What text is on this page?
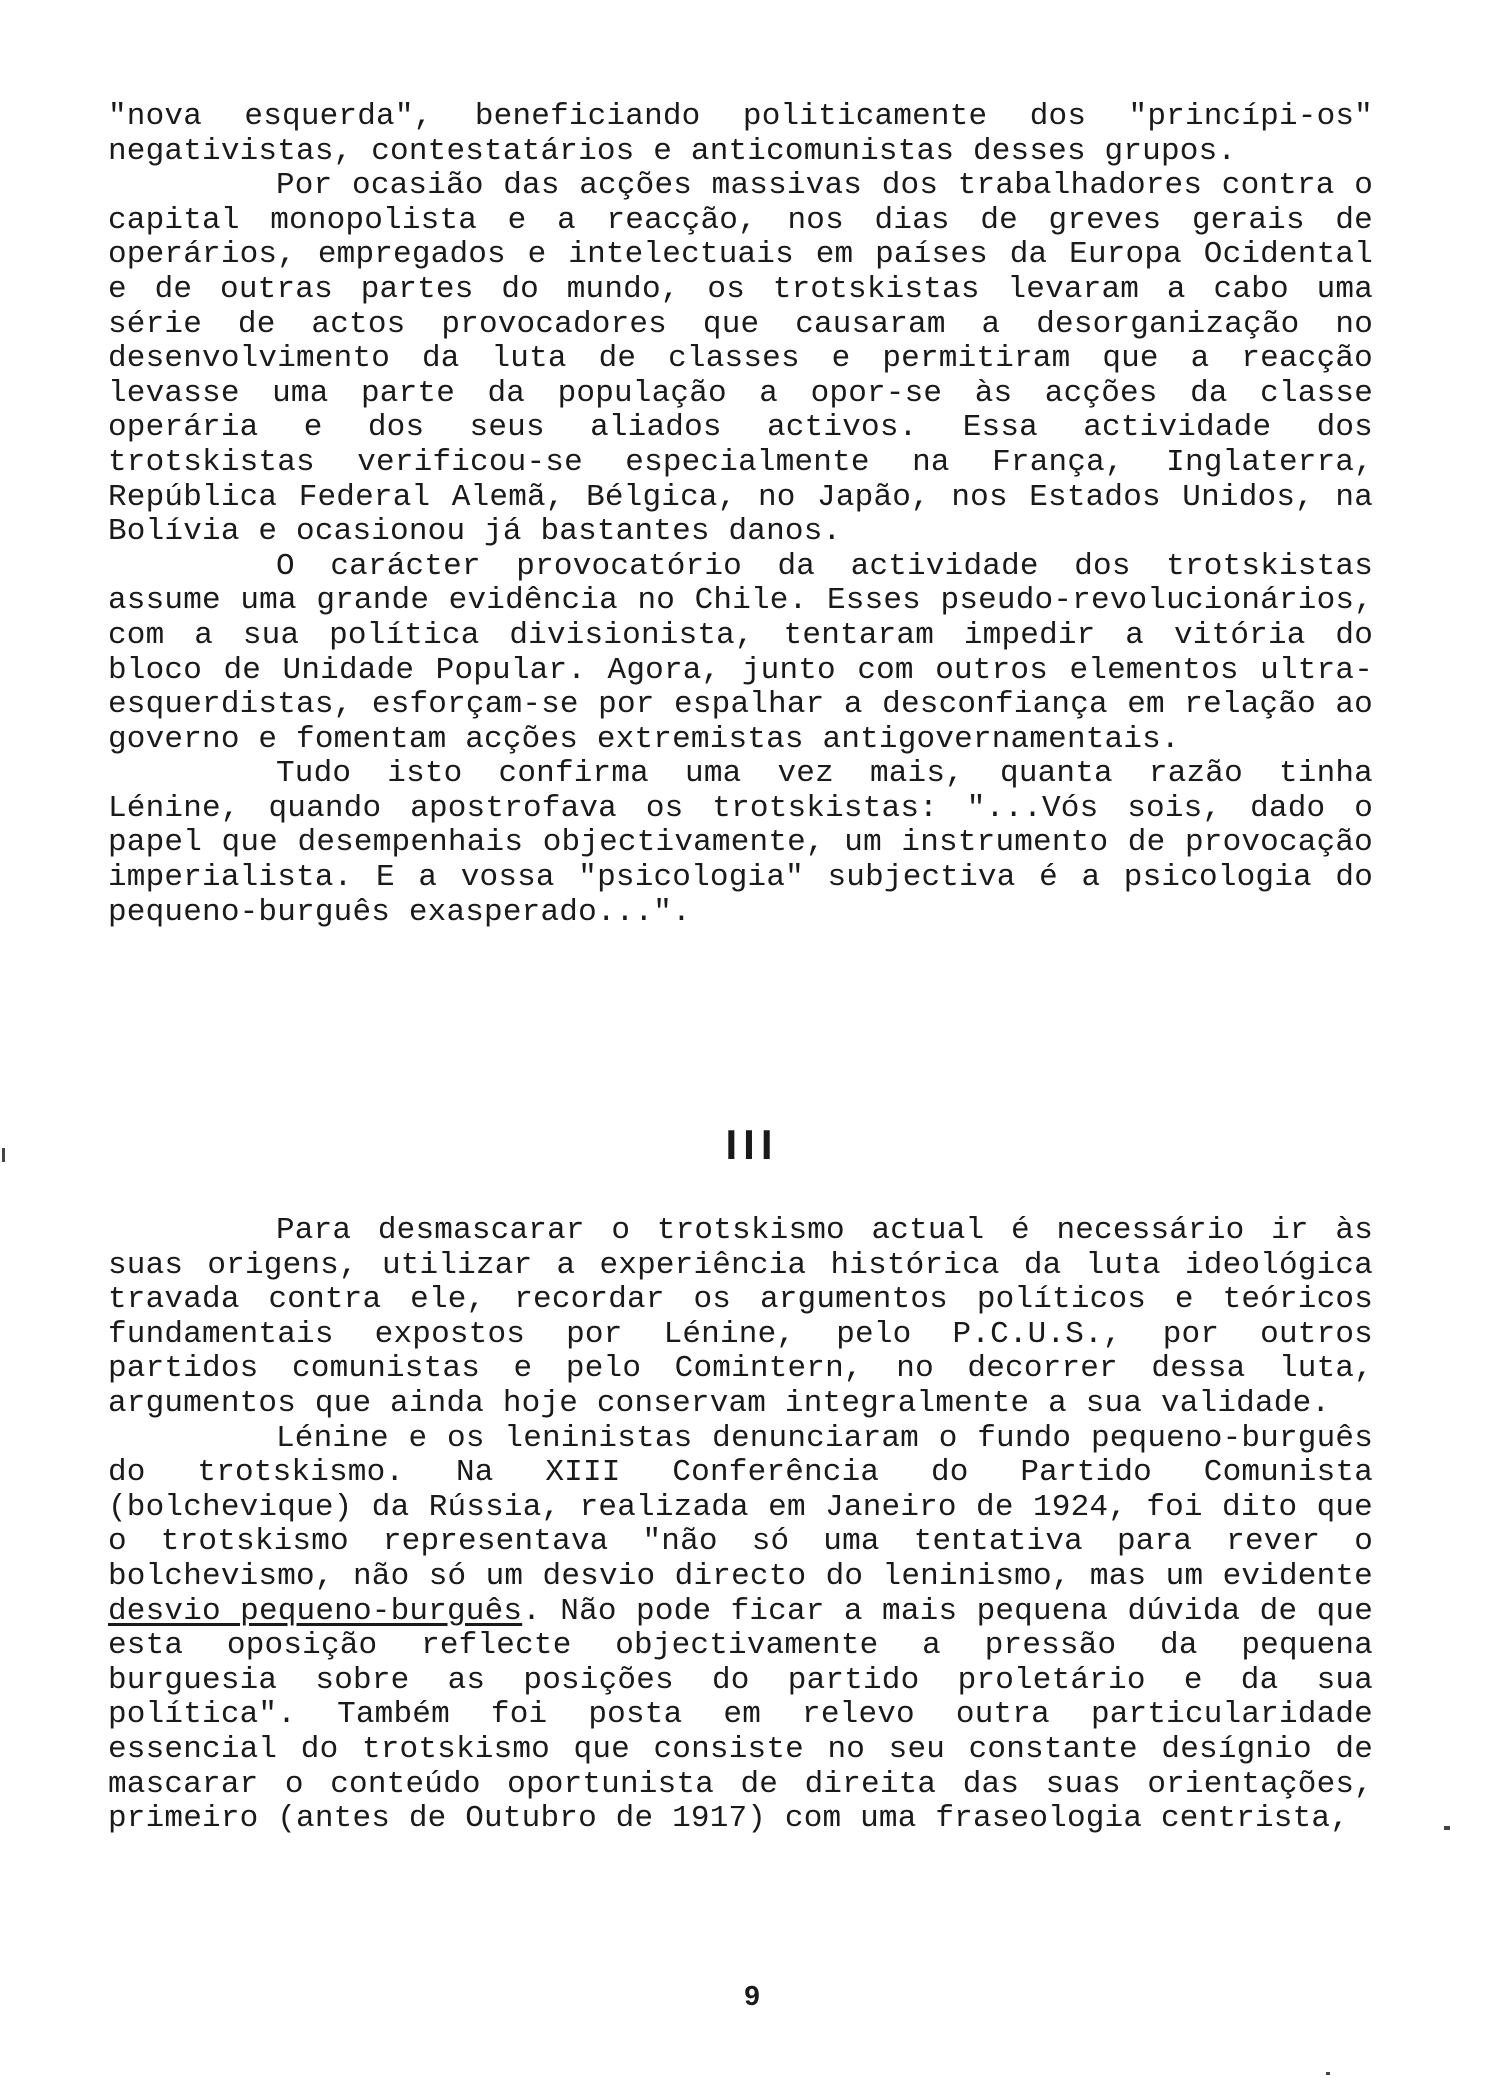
"nova esquerda", beneficiando politicamente dos "princípi-os" negativistas, contestatários e anticomunistas desses grupos.

Por ocasião das acções massivas dos trabalhadores contra o capital monopolista e a reacção, nos dias de greves gerais de operários, empregados e intelectuais em países da Europa Ocidental e de outras partes do mundo, os trotskistas levaram a cabo uma série de actos provocadores que causaram a desorganização no desenvolvimento da luta de classes e permitiram que a reacção levasse uma parte da população a opor-se às acções da classe operária e dos seus aliados activos. Essa actividade dos trotskistas verificou-se especialmente na França, Inglaterra, República Federal Alemã, Bélgica, no Japão, nos Estados Unidos, na Bolívia e ocasionou já bastantes danos.

O carácter provocatório da actividade dos trotskistas assume uma grande evidência no Chile. Esses pseudo-revolucionários, com a sua política divisionista, tentaram impedir a vitória do bloco de Unidade Popular. Agora, junto com outros elementos ultra-esquerdistas, esforçam-se por espalhar a desconfiança em relação ao governo e fomentam acções extremistas antigovernamentais.

Tudo isto confirma uma vez mais, quanta razão tinha Lénine, quando apostrofava os trotskistas: "...Vós sois, dado o papel que desempenhais objectivamente, um instrumento de provocação imperialista. E a vossa "psicologia" subjectiva é a psicologia do pequeno-burguês exasperado...".

III

Para desmascarar o trotskismo actual é necessário ir às suas origens, utilizar a experiência histórica da luta ideológica travada contra ele, recordar os argumentos políticos e teóricos fundamentais expostos por Lénine, pelo P.C.U.S., por outros partidos comunistas e pelo Comintern, no decorrer dessa luta, argumentos que ainda hoje conservam integralmente a sua validade.

Lénine e os leninistas denunciaram o fundo pequeno-burguês do trotskismo. Na XIII Conferência do Partido Comunista (bolchevique) da Rússia, realizada em Janeiro de 1924, foi dito que o trotskismo representava "não só uma tentativa para rever o bolchevismo, não só um desvio directo do leninismo, mas um evidente desvio pequeno-burguês. Não pode ficar a mais pequena dúvida de que esta oposição reflecte objectivamente a pressão da pequena burguesia sobre as posições do partido proletário e da sua política". Também foi posta em relevo outra particularidade essencial do trotskismo que consiste no seu constante desígnio de mascarar o conteúdo oportunista de direita das suas orientações, primeiro (antes de Outubro de 1917) com uma fraseologia centrista,

9
